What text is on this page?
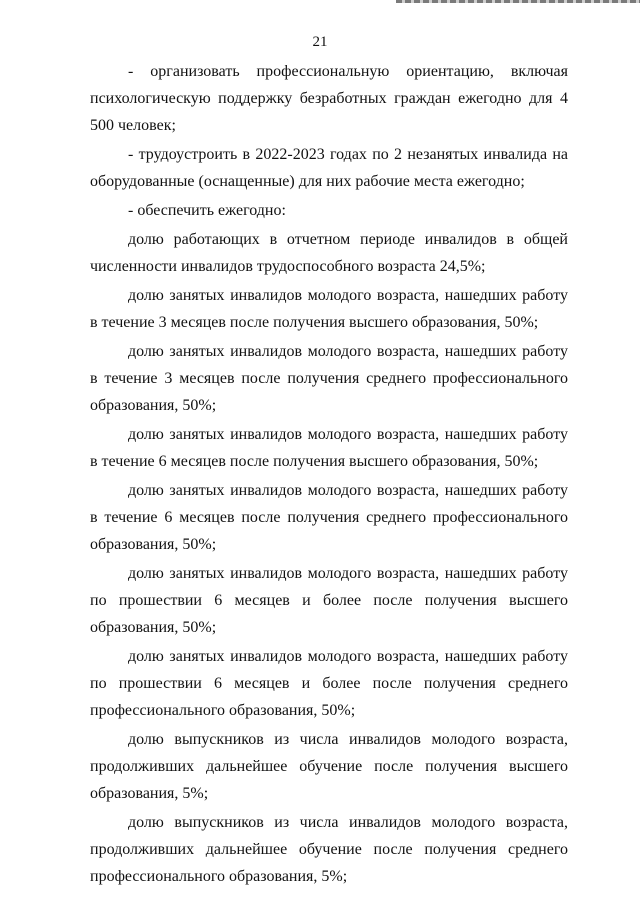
21

- организовать профессиональную ориентацию, включая психологическую поддержку безработных граждан ежегодно для 4 500 человек;

- трудоустроить в 2022-2023 годах по 2 незанятых инвалида на оборудованные (оснащенные) для них рабочие места ежегодно;

- обеспечить ежегодно:

долю работающих в отчетном периоде инвалидов в общей численности инвалидов трудоспособного возраста 24,5%;

долю занятых инвалидов молодого возраста, нашедших работу в течение 3 месяцев после получения высшего образования, 50%;

долю занятых инвалидов молодого возраста, нашедших работу в течение 3 месяцев после получения среднего профессионального образования, 50%;

долю занятых инвалидов молодого возраста, нашедших работу в течение 6 месяцев после получения высшего образования, 50%;

долю занятых инвалидов молодого возраста, нашедших работу в течение 6 месяцев после получения среднего профессионального образования, 50%;

долю занятых инвалидов молодого возраста, нашедших работу по прошествии 6 месяцев и более после получения высшего образования, 50%;

долю занятых инвалидов молодого возраста, нашедших работу по прошествии 6 месяцев и более после получения среднего профессионального образования, 50%;

долю выпускников из числа инвалидов молодого возраста, продолживших дальнейшее обучение после получения высшего образования, 5%;

долю выпускников из числа инвалидов молодого возраста, продолживших дальнейшее обучение после получения среднего профессионального образования, 5%;
